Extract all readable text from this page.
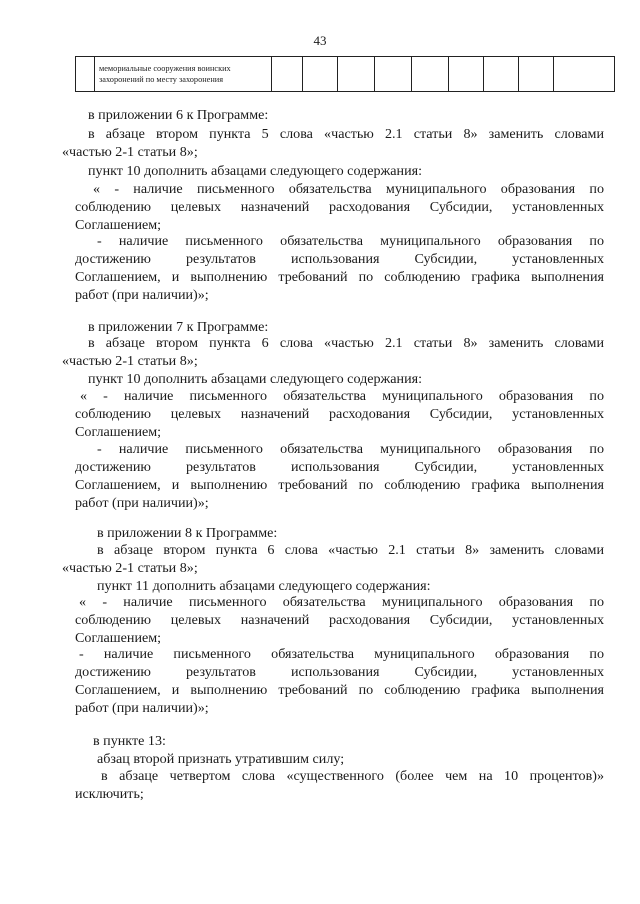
43
	мемориальные сооружения воинских захоронений по месту захоронения									
в приложении 6 к Программе:
в абзаце втором пункта 5 слова «частью 2.1 статьи 8» заменить словами
«частью 2-1 статьи 8»;
пункт 10 дополнить абзацами следующего содержания:
« - наличие письменного обязательства муниципального образования по
соблюдению целевых назначений расходования Субсидии, установленных
Соглашением;
- наличие письменного обязательства муниципального образования по
достижению результатов использования Субсидии, установленных
Соглашением, и выполнению требований по соблюдению графика выполнения
работ (при наличии)»;
в приложении 7 к Программе:
в абзаце втором пункта 6 слова «частью 2.1 статьи 8» заменить словами
«частью 2-1 статьи 8»;
пункт 10 дополнить абзацами следующего содержания:
« - наличие письменного обязательства муниципального образования по
соблюдению целевых назначений расходования Субсидии, установленных
Соглашением;
- наличие письменного обязательства муниципального образования по
достижению результатов использования Субсидии, установленных
Соглашением, и выполнению требований по соблюдению графика выполнения
работ (при наличии)»;
в приложении 8 к Программе:
в абзаце втором пункта 6 слова «частью 2.1 статьи 8» заменить словами
«частью 2-1 статьи 8»;
пункт 11 дополнить абзацами следующего содержания:
« - наличие письменного обязательства муниципального образования по
соблюдению целевых назначений расходования Субсидии, установленных
Соглашением;
- наличие письменного обязательства муниципального образования по
достижению результатов использования Субсидии, установленных
Соглашением, и выполнению требований по соблюдению графика выполнения
работ (при наличии)»;
в пункте 13:
абзац второй признать утратившим силу;
в абзаце четвертом слова «существенного (более чем на 10 процентов)»
исключить;
